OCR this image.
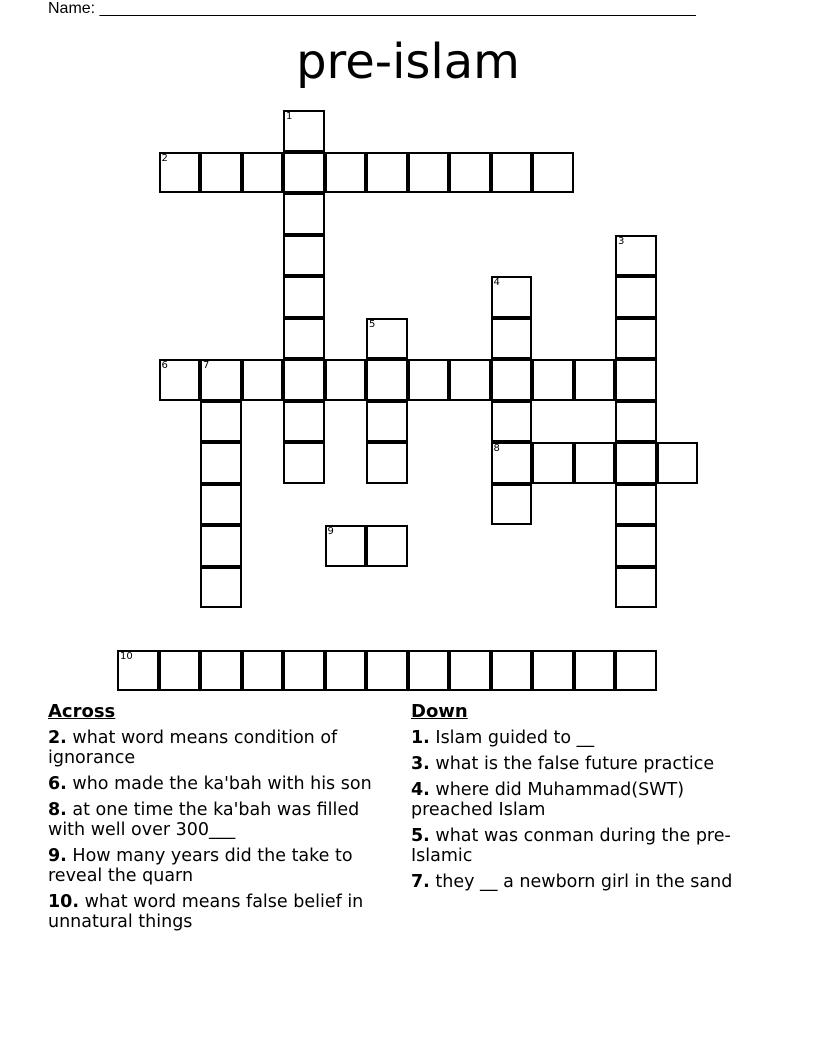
Name: ___________________________________________________________________
pre-islam
1
2
3
4
8
5
6	7
9
10
Across
2. what word means condition of ignorance
6. who made the ka'bah with his son
8. at one time the ka'bah was filled with well over 300___
9. How many years did the take to reveal the quarn
10. what word means false belief in unnatural things
Down
1. Islam guided to __
3. what is the false future practice
4. where did Muhammad(SWT) preached Islam
5. what was conman during the pre- Islamic
7. they __ a newborn girl in the sand
